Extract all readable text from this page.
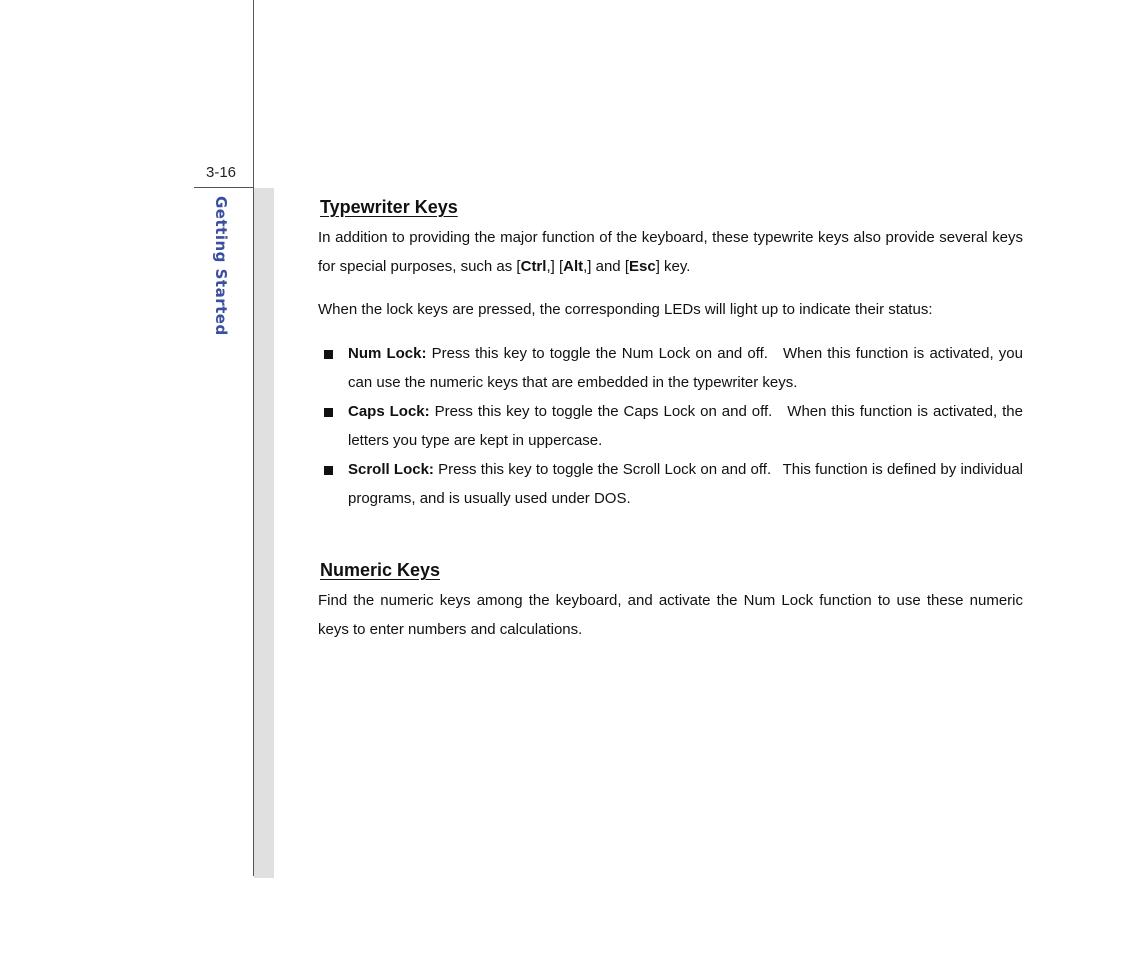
3-16
Getting Started	Typewriter Keys

In addition to providing the major function of the keyboard, these typewrite keys also provide several keys for special purposes, such as [Ctrl,] [Alt,] and [Esc] key.

When the lock keys are pressed, the corresponding LEDs will light up to indicate their status:

Num Lock: Press this key to toggle the Num Lock on and off. When this function is activated, you can use the numeric keys that are embedded in the typewriter keys.
Caps Lock: Press this key to toggle the Caps Lock on and off. When this function is activated, the letters you type are kept in uppercase.
Scroll Lock: Press this key to toggle the Scroll Lock on and off.  This function is defined by individual programs, and is usually used under DOS.
Numeric Keys

Find the numeric keys among the keyboard, and activate the Num Lock function to use these numeric keys to enter numbers and calculations.
